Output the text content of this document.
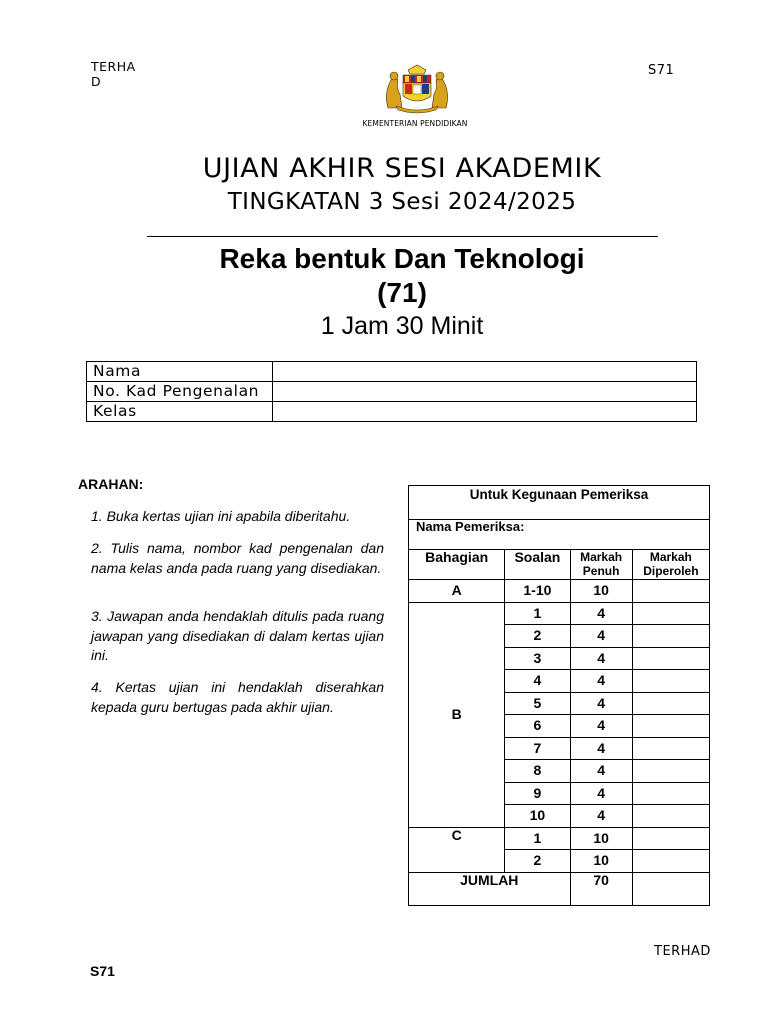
TERHAD
S71
KEMENTERIAN PENDIDIKAN
UJIAN AKHIR SESI AKADEMIK
TINGKATAN 3 Sesi 2024/2025
Reka bentuk Dan Teknologi
(71)
1 Jam 30 Minit
Nama	
No. Kad Pengenalan	
Kelas	
ARAHAN:
1. Buka kertas ujian ini apabila diberitahu.
2. Tulis nama, nombor kad pengenalan dan nama kelas anda pada ruang yang disediakan.
3. Jawapan anda hendaklah ditulis pada ruang jawapan yang disediakan di dalam kertas ujian ini.
4. Kertas ujian ini hendaklah diserahkan kepada guru bertugas pada akhir ujian.
Untuk Kegunaan Pemeriksa			
Nama Pemeriksa:			
Bahagian	Soalan	Markah Penuh	Markah Diperoleh
A	1-10	10	
B	1	4	
	2	4	
	3	4	
	4	4	
	5	4	
	6	4	
	7	4	
	8	4	
	9	4	
	10	4	
C	1	10	
	2	10	
JUMLAH		70	
TERHAD
S71
